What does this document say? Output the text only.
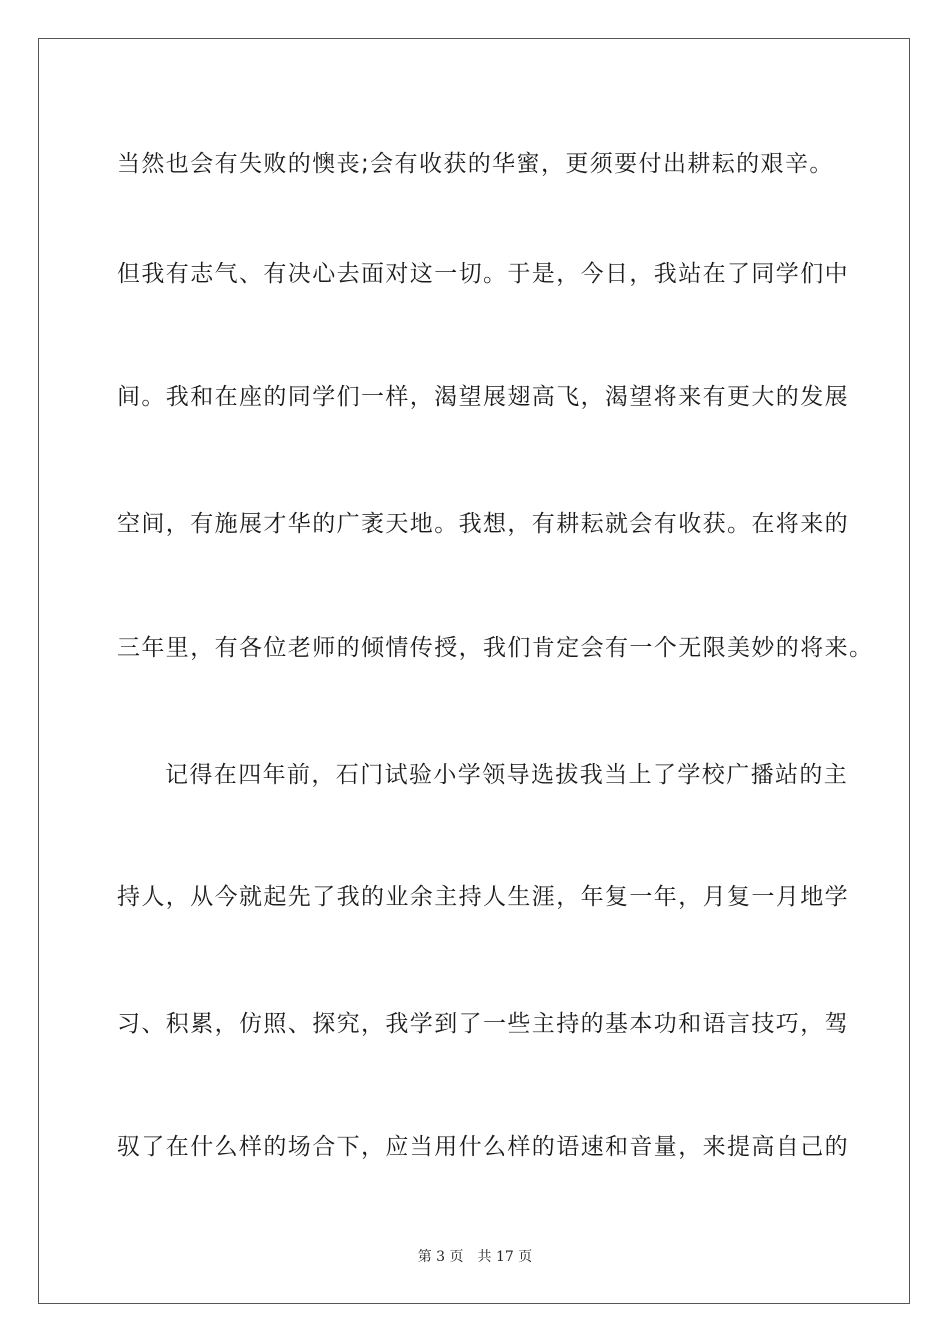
当然也会有失败的懊丧;会有收获的华蜜，更须要付出耕耘的艰辛。
但我有志气、有决心去面对这一切。于是，今日，我站在了同学们中
间。我和在座的同学们一样，渴望展翅高飞，渴望将来有更大的发展
空间，有施展才华的广袤天地。我想，有耕耘就会有收获。在将来的
三年里，有各位老师的倾情传授，我们肯定会有一个无限美妙的将来。
记得在四年前，石门试验小学领导选拔我当上了学校广播站的主
持人，从今就起先了我的业余主持人生涯，年复一年，月复一月地学
习、积累，仿照、探究，我学到了一些主持的基本功和语言技巧，驾
驭了在什么样的场合下，应当用什么样的语速和音量，来提高自己的
第 3 页 共 17 页
